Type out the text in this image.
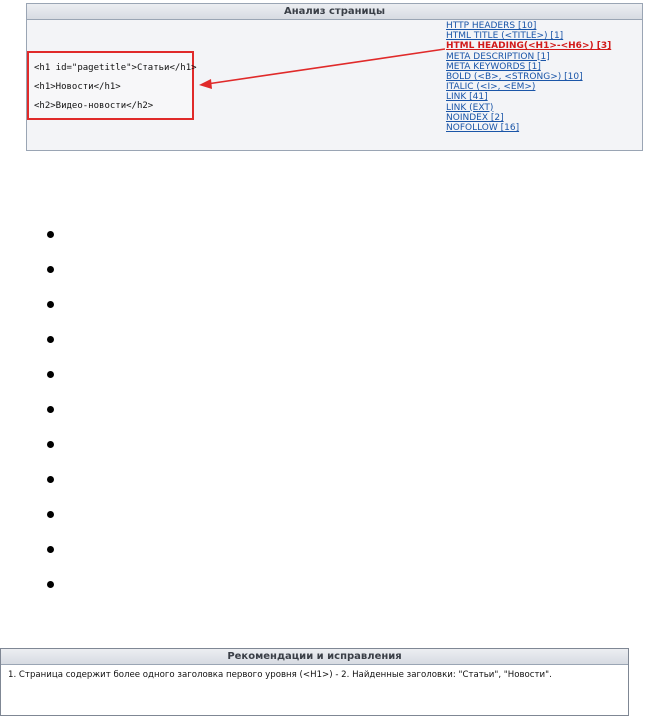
Анализ страницы
<h1 id="pagetitle">Статьи</h1>
<h1>Новости</h1>
<h2>Видео-новости</h2>
HTTP HEADERS [10]
HTML TITLE (<TITLE>) [1]
HTML HEADING(<H1>-<H6>) [3]
META DESCRIPTION [1]
META KEYWORDS [1]
BOLD (<B>, <STRONG>) [10]
ITALIC (<I>, <EM>)
LINK [41]
LINK (EXT)
NOINDEX [2]
NOFOLLOW [16]
Рекомендации и исправления
1. Страница содержит более одного заголовка первого уровня (<H1>) - 2. Найденные заголовки: "Статьи", "Новости".
